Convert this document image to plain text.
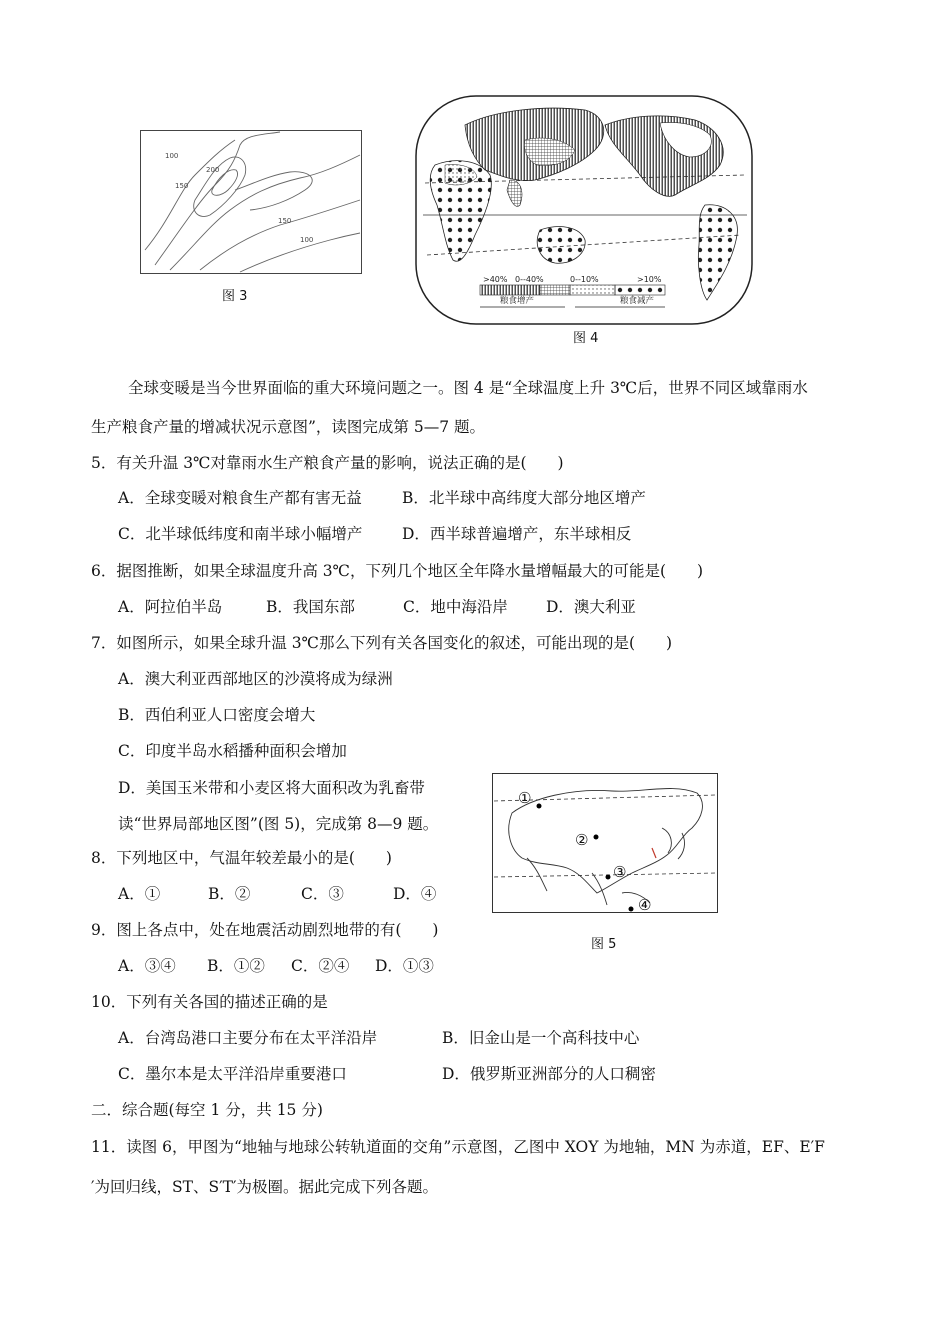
100
150
200
150
100
图 3
>40% 0--40%	0--10%	>10%
粮食增产	粮食减产
图 4
全球变暖是当今世界面临的重大环境问题之一。图 4 是“全球温度上升 3℃后，世界不同区域靠雨水
生产粮食产量的增减状况示意图”，读图完成第 5—7 题。
5．有关升温 3℃对靠雨水生产粮食产量的影响，说法正确的是(　　)
A．全球变暖对粮食生产都有害无益	B．北半球中高纬度大部分地区增产
C．北半球低纬度和南半球小幅增产	D．西半球普遍增产，东半球相反
6．据图推断，如果全球温度升高 3℃，下列几个地区全年降水量增幅最大的可能是(　　)
A．阿拉伯半岛	B．我国东部	C．地中海沿岸 D．澳大利亚
7．如图所示，如果全球升温 3℃那么下列有关各国变化的叙述，可能出现的是(　　)
A．澳大利亚西部地区的沙漠将成为绿洲
B．西伯利亚人口密度会增大
C．印度半岛水稻播种面积会增加
D．美国玉米带和小麦区将大面积改为乳畜带
读“世界局部地区图”(图 5)，完成第 8—9 题。
8．下列地区中，气温年较差最小的是(　　)
A．①	B．②	C．③	D．④
9．图上各点中，处在地震活动剧烈地带的有(　　)
A．③④ B．①② C．②④ D．①③
①
②
③
④
图 5
10．下列有关各国的描述正确的是
A．台湾岛港口主要分布在太平洋沿岸	B．旧金山是一个高科技中心
C．墨尔本是太平洋沿岸重要港口	D．俄罗斯亚洲部分的人口稠密
二．综合题(每空 1 分，共 15 分)
11．读图 6，甲图为“地轴与地球公转轨道面的交角”示意图，乙图中 XOY 为地轴，MN 为赤道，EF、E′F
′为回归线，ST、S′T′为极圈。据此完成下列各题。
